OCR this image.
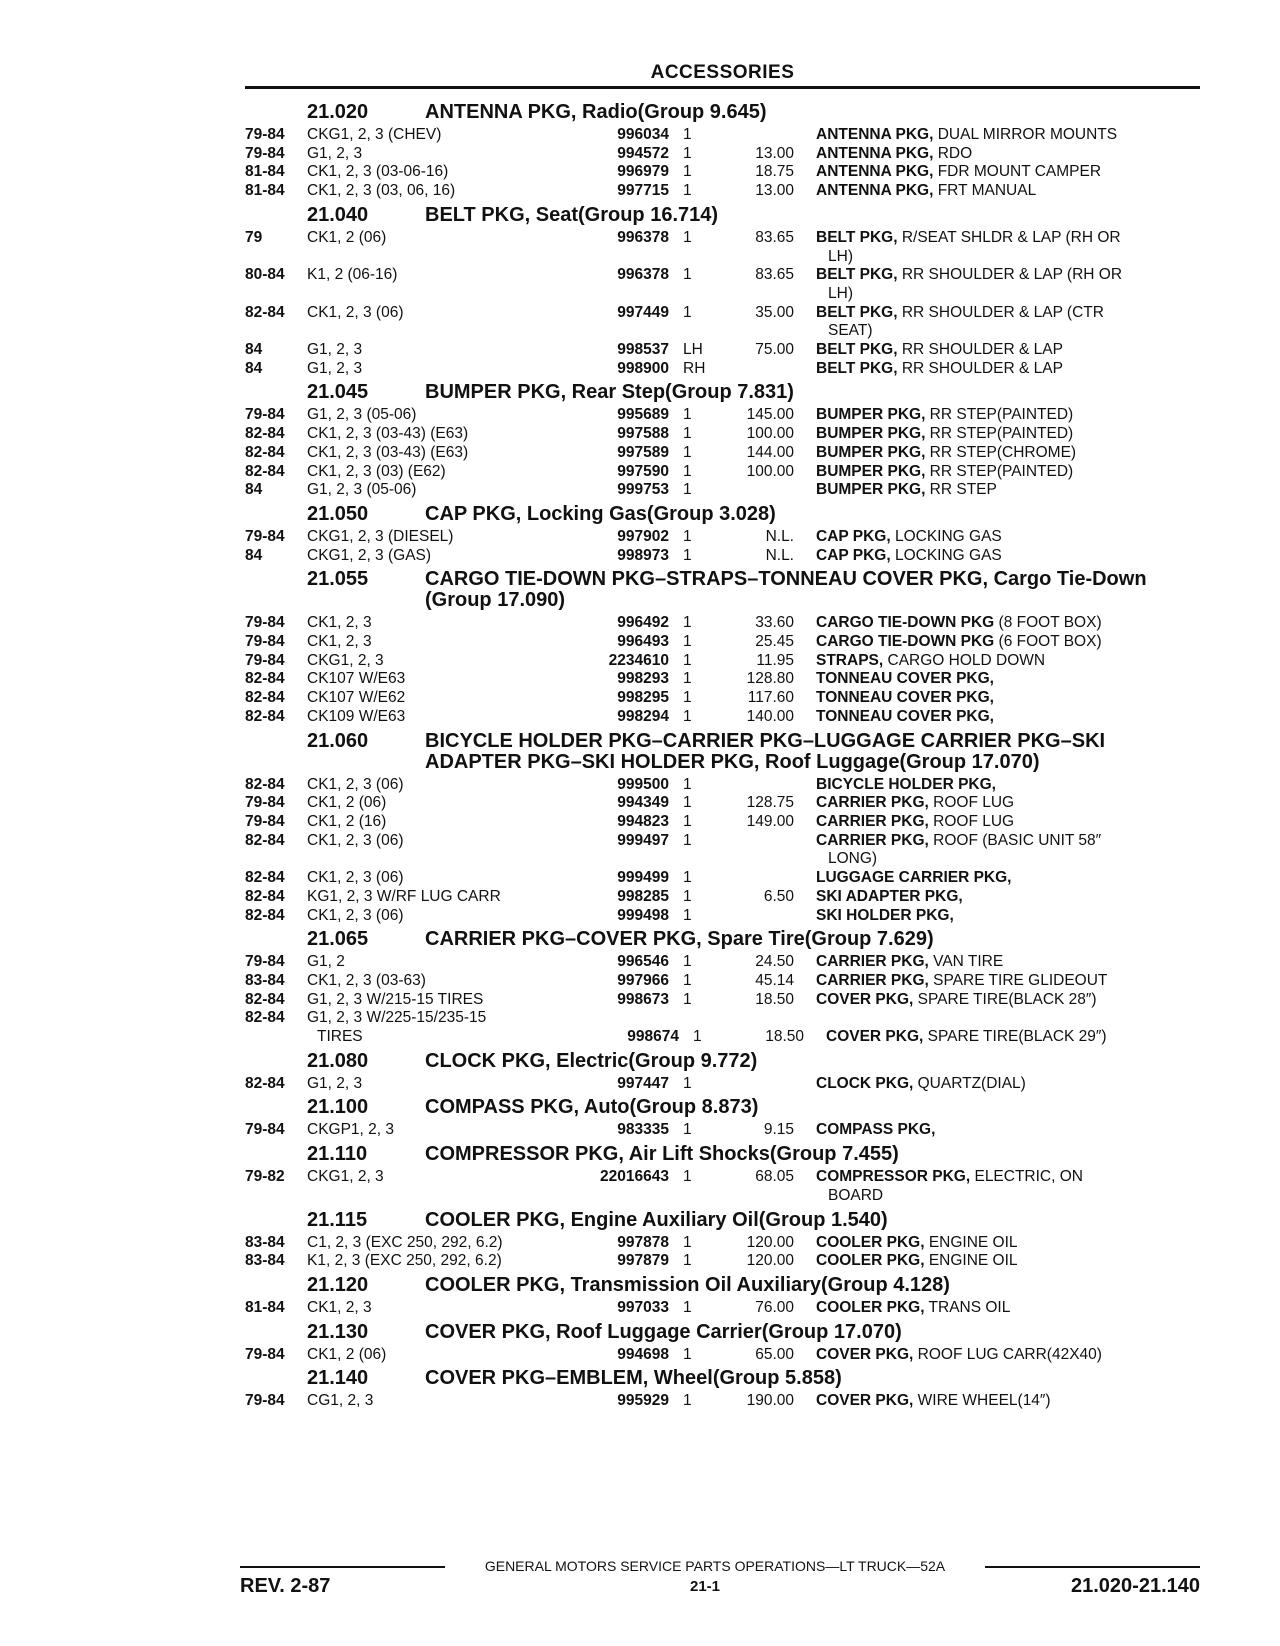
ACCESSORIES
21.020	ANTENNA PKG, Radio(Group 9.645)
79-84	CKG1, 2, 3 (CHEV)	996034 1	ANTENNA PKG, DUAL MIRROR MOUNTS
79-84	G1, 2, 3	994572 1	13.00	ANTENNA PKG, RDO
81-84	CK1, 2, 3 (03-06-16)	996979 1	18.75	ANTENNA PKG, FDR MOUNT CAMPER
81-84	CK1, 2, 3 (03, 06, 16)	997715 1	13.00	ANTENNA PKG, FRT MANUAL
21.040	BELT PKG, Seat(Group 16.714)
79	CK1, 2 (06)	996378 1	83.65	BELT PKG, R/SEAT SHLDR & LAP (RH OR
LH)
80-84	K1, 2 (06-16)	996378 1	83.65	BELT PKG, RR SHOULDER & LAP (RH OR
LH)
82-84	CK1, 2, 3 (06)	997449 1	35.00	BELT PKG, RR SHOULDER & LAP (CTR
SEAT)
84	G1, 2, 3	998537 LH	75.00	BELT PKG, RR SHOULDER & LAP
84	G1, 2, 3	998900 RH	BELT PKG, RR SHOULDER & LAP
21.045	BUMPER PKG, Rear Step(Group 7.831)
79-84	G1, 2, 3 (05-06)	995689 1	145.00	BUMPER PKG, RR STEP(PAINTED)
82-84	CK1, 2, 3 (03-43) (E63)	997588 1	100.00	BUMPER PKG, RR STEP(PAINTED)
82-84	CK1, 2, 3 (03-43) (E63)	997589 1	144.00	BUMPER PKG, RR STEP(CHROME)
82-84	CK1, 2, 3 (03) (E62)	997590 1	100.00	BUMPER PKG, RR STEP(PAINTED)
84	G1, 2, 3 (05-06)	999753 1	BUMPER PKG, RR STEP
21.050	CAP PKG, Locking Gas(Group 3.028)
79-84	CKG1, 2, 3 (DIESEL)	997902 1	N.L.	CAP PKG, LOCKING GAS
84	CKG1, 2, 3 (GAS)	998973 1	N.L.	CAP PKG, LOCKING GAS
21.055	CARGO TIE-DOWN PKG–STRAPS–TONNEAU COVER PKG, Cargo Tie-Down (Group 17.090)
79-84	CK1, 2, 3	996492 1	33.60	CARGO TIE-DOWN PKG (8 FOOT BOX)
79-84	CK1, 2, 3	996493 1	25.45	CARGO TIE-DOWN PKG (6 FOOT BOX)
79-84	CKG1, 2, 3	2234610 1	11.95	STRAPS, CARGO HOLD DOWN
82-84	CK107 W/E63	998293 1	128.80	TONNEAU COVER PKG,
82-84	CK107 W/E62	998295 1	117.60	TONNEAU COVER PKG,
82-84	CK109 W/E63	998294 1	140.00	TONNEAU COVER PKG,
21.060	BICYCLE HOLDER PKG–CARRIER PKG–LUGGAGE CARRIER PKG–SKI ADAPTER PKG–SKI HOLDER PKG, Roof Luggage(Group 17.070)
82-84	CK1, 2, 3 (06)	999500 1	BICYCLE HOLDER PKG,
79-84	CK1, 2 (06)	994349 1	128.75	CARRIER PKG, ROOF LUG
79-84	CK1, 2 (16)	994823 1	149.00	CARRIER PKG, ROOF LUG
82-84	CK1, 2, 3 (06)	999497 1	CARRIER PKG, ROOF (BASIC UNIT 58″
LONG)
82-84	CK1, 2, 3 (06)	999499 1	LUGGAGE CARRIER PKG,
82-84	KG1, 2, 3 W/RF LUG CARR	998285 1	6.50	SKI ADAPTER PKG,
82-84	CK1, 2, 3 (06)	999498 1	SKI HOLDER PKG,
21.065	CARRIER PKG–COVER PKG, Spare Tire(Group 7.629)
79-84	G1, 2	996546 1	24.50	CARRIER PKG, VAN TIRE
83-84	CK1, 2, 3 (03-63)	997966 1	45.14	CARRIER PKG, SPARE TIRE GLIDEOUT
82-84	G1, 2, 3 W/215-15 TIRES	998673 1	18.50	COVER PKG, SPARE TIRE(BLACK 28″)
82-84	G1, 2, 3 W/225-15/235-15
TIRES	998674 1	18.50	COVER PKG, SPARE TIRE(BLACK 29″)
21.080	CLOCK PKG, Electric(Group 9.772)
82-84	G1, 2, 3	997447 1	CLOCK PKG, QUARTZ(DIAL)
21.100	COMPASS PKG, Auto(Group 8.873)
79-84	CKGP1, 2, 3	983335 1	9.15	COMPASS PKG,
21.110	COMPRESSOR PKG, Air Lift Shocks(Group 7.455)
79-82	CKG1, 2, 3	22016643 1	68.05	COMPRESSOR PKG, ELECTRIC, ON
BOARD
21.115	COOLER PKG, Engine Auxiliary Oil(Group 1.540)
83-84	C1, 2, 3 (EXC 250, 292, 6.2)	997878 1	120.00	COOLER PKG, ENGINE OIL
83-84	K1, 2, 3 (EXC 250, 292, 6.2)	997879 1	120.00	COOLER PKG, ENGINE OIL
21.120	COOLER PKG, Transmission Oil Auxiliary(Group 4.128)
81-84	CK1, 2, 3	997033 1	76.00	COOLER PKG, TRANS OIL
21.130	COVER PKG, Roof Luggage Carrier(Group 17.070)
79-84	CK1, 2 (06)	994698 1	65.00	COVER PKG, ROOF LUG CARR(42X40)
21.140	COVER PKG–EMBLEM, Wheel(Group 5.858)
79-84	CG1, 2, 3	995929 1	190.00	COVER PKG, WIRE WHEEL(14″)
GENERAL MOTORS SERVICE PARTS OPERATIONS—LT TRUCK—52A
REV. 2-87	21-1	21.020-21.140
